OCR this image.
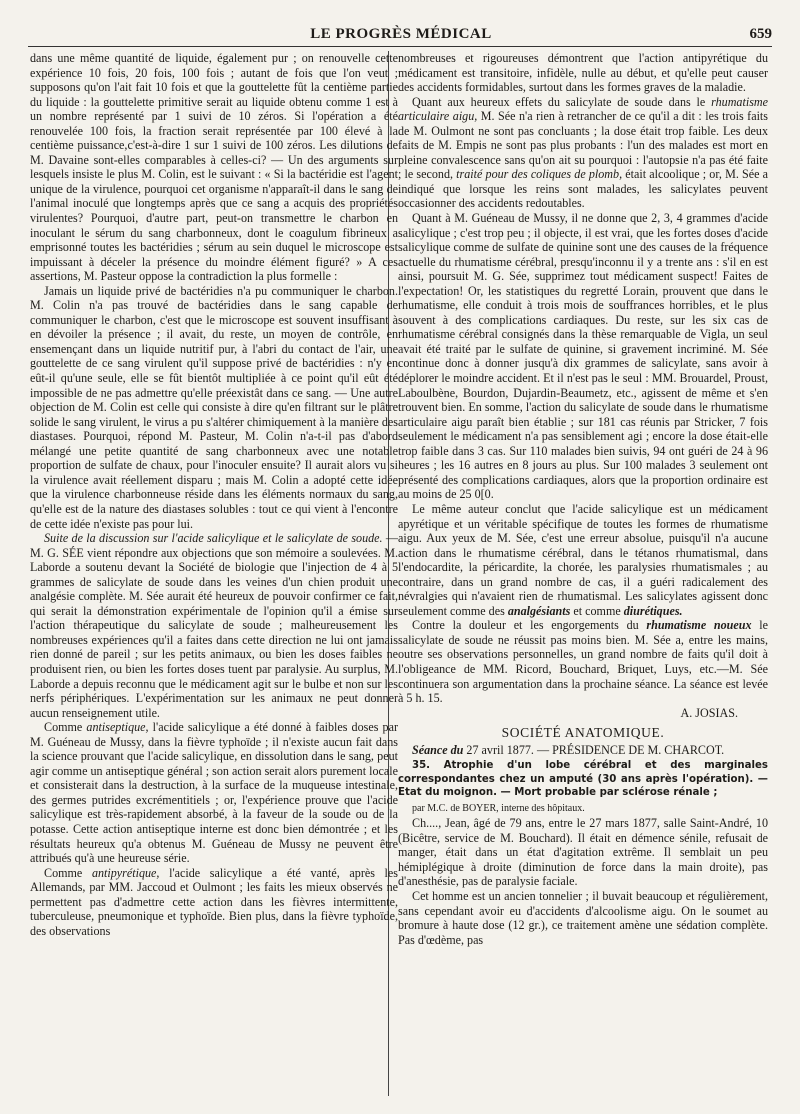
LE PROGRÈS MÉDICAL	659

dans une même quantité de liquide, également pur ; on renouvelle cette expérience 10 fois, 20 fois, 100 fois ; autant de fois que l'on veut ; supposons qu'on l'ait fait 10 fois et que la gouttelette fût la centième partie du liquide : la gouttelette primitive serait au liquide obtenu comme 1 est à un nombre représenté par 1 suivi de 10 zéros. Si l'opération a été renouvelée 100 fois, la fraction serait représentée par 100 élevé à la centième puissance,c'est-à-dire 1 sur 1 suivi de 100 zéros. Les dilutions de M. Davaine sont-elles comparables à celles-ci? — Un des arguments sur lesquels insiste le plus M. Colin, est le suivant : « Si la bactéridie est l'agent unique de la virulence, pourquoi cet organisme n'apparaît-il dans le sang de l'animal inoculé que longtemps après que ce sang a acquis des propriétés virulentes? Pourquoi, d'autre part, peut-on transmettre le charbon en inoculant le sérum du sang charbonneux, dont le coagulum fibrineux a emprisonné toutes les bactéridies ; sérum au sein duquel le microscope est impuissant à déceler la présence du moindre élément figuré? » A ces assertions, M. Pasteur oppose la contradiction la plus formelle :

Jamais un liquide privé de bactéridies n'a pu communiquer le charbon. M. Colin n'a pas trouvé de bactéridies dans le sang capable de communiquer le charbon, c'est que le microscope est souvent insuffisant à en dévoiler la présence ; il avait, du reste, un moyen de contrôle, en ensemençant dans un liquide nutritif pur, à l'abri du contact de l'air, une gouttelette de ce sang virulent qu'il suppose privé de bactéridies : n'y en eût-il qu'une seule, elle se fût bientôt multipliée à ce point qu'il eût été impossible de ne pas admettre qu'elle préexistât dans ce sang. — Une autre objection de M. Colin est celle qui consiste à dire qu'en filtrant sur le plâtre solide le sang virulent, le virus a pu s'altérer chimiquement à la manière des diastases. Pourquoi, répond M. Pasteur, M. Colin n'a-t-il pas d'abord mélangé une petite quantité de sang charbonneux avec une notable proportion de sulfate de chaux, pour l'inoculer ensuite? Il aurait alors vu si la virulence avait réellement disparu ; mais M. Colin a adopté cette idée que la virulence charbonneuse réside dans les éléments normaux du sang, qu'elle est de la nature des diastases solubles : tout ce qui vient à l'encontre de cette idée n'existe pas pour lui.

Suite de la discussion sur l'acide salicylique et le salicylate de soude. — M. G. SÉE vient répondre aux objections que son mémoire a soulevées. M. Laborde a soutenu devant la Société de biologie que l'injection de 4 à 5 grammes de salicylate de soude dans les veines d'un chien produit une analgésie complète. M. Sée aurait été heureux de pouvoir confirmer ce fait, qui serait la démonstration expérimentale de l'opinion qu'il a émise sur l'action thérapeutique du salicylate de soude ; malheureusement les nombreuses expériences qu'il a faites dans cette direction ne lui ont jamais rien donné de pareil ; sur les petits animaux, ou bien les doses faibles ne produisent rien, ou bien les fortes doses tuent par paralysie. Au surplus, M. Laborde a depuis reconnu que le médicament agit sur le bulbe et non sur les nerfs périphériques. L'expérimentation sur les animaux ne peut donner aucun renseignement utile.

Comme antiseptique, l'acide salicylique a été donné à faibles doses par M. Guéneau de Mussy, dans la fièvre typhoïde ; il n'existe aucun fait dans la science prouvant que l'acide salicylique, en dissolution dans le sang, peut agir comme un antiseptique général ; son action serait alors purement locale et consisterait dans la destruction, à la surface de la muqueuse intestinale, des germes putrides excrémentitiels ; or, l'expérience prouve que l'acide salicylique est très-rapidement absorbé, à la faveur de la soude ou de la potasse. Cette action antiseptique interne est donc bien démontrée ; et les résultats heureux qu'a obtenus M. Guéneau de Mussy ne peuvent être attribués qu'à une heureuse série.

Comme antipyrétique, l'acide salicylique a été vanté, après les Allemands, par MM. Jaccoud et Oulmont ; les faits les mieux observés ne permettent pas d'admettre cette action dans les fièvres intermittente, tuberculeuse, pneumonique et typhoïde. Bien plus, dans la fièvre typhoïde, des observations

nombreuses et rigoureuses démontrent que l'action antipyrétique du médicament est transitoire, infidèle, nulle au début, et qu'elle peut causer des accidents formidables, surtout dans les formes graves de la maladie.

Quant aux heureux effets du salicylate de soude dans le rhumatisme articulaire aigu, M. Sée n'a rien à retrancher de ce qu'il a dit : les trois faits de M. Oulmont ne sont pas concluants ; la dose était trop faible. Les deux faits de M. Empis ne sont pas plus probants : l'un des malades est mort en pleine convalescence sans qu'on ait su pourquoi : l'autopsie n'a pas été faite ; le second, traité pour des coliques de plomb, était alcoolique ; or, M. Sée a indiqué que lorsque les reins sont malades, les salicylates peuvent occasionner des accidents redoutables.

Quant à M. Guéneau de Mussy, il ne donne que 2, 3, 4 grammes d'acide salicylique ; c'est trop peu ; il objecte, il est vrai, que les fortes doses d'acide salicylique comme de sulfate de quinine sont une des causes de la fréquence actuelle du rhumatisme cérébral, presqu'inconnu il y a trente ans : s'il en est ainsi, poursuit M. G. Sée, supprimez tout médicament suspect! Faites de l'expectation! Or, les statistiques du regretté Lorain, prouvent que dans le rhumatisme, elle conduit à trois mois de souffrances horribles, et le plus souvent à des complications cardiaques. Du reste, sur les six cas de rhumatisme cérébral consignés dans la thèse remarquable de Vigla, un seul avait été traité par le sulfate de quinine, si gravement incriminé. M. Sée continue donc à donner jusqu'à dix grammes de salicylate, sans avoir à déplorer le moindre accident. Et il n'est pas le seul : MM. Brouardel, Proust, Laboulbène, Bourdon, Dujardin-Beaumetz, etc., agissent de même et s'en trouvent bien. En somme, l'action du salicylate de soude dans le rhumatisme articulaire aigu paraît bien établie ; sur 181 cas réunis par Stricker, 7 fois seulement le médicament n'a pas sensiblement agi ; encore la dose était-elle trop faible dans 3 cas. Sur 110 malades bien suivis, 94 ont guéri de 24 à 96 heures ; les 16 autres en 8 jours au plus. Sur 100 malades 3 seulement ont présenté des complications cardiaques, alors que la proportion ordinaire est au moins de 25 0[0.

Le même auteur conclut que l'acide salicylique est un médicament apyrétique et un véritable spécifique de toutes les formes de rhumatisme aigu. Aux yeux de M. Sée, c'est une erreur absolue, puisqu'il n'a aucune action dans le rhumatisme cérébral, dans le tétanos rhumatismal, dans l'endocardite, la péricardite, la chorée, les paralysies rhumatismales ; au contraire, dans un grand nombre de cas, il a guéri radicalement des névralgies qui n'avaient rien de rhumatismal. Les salicylates agissent donc seulement comme des analgésiants et comme diurétiques.

Contre la douleur et les engorgements du rhumatisme noueux le salicylate de soude ne réussit pas moins bien. M. Sée a, entre les mains, outre ses observations personnelles, un grand nombre de faits qu'il doit à l'obligeance de MM. Ricord, Bouchard, Briquet, Luys, etc.—M. Sée continuera son argumentation dans la prochaine séance. La séance est levée à 5 h. 15.

A. JOSIAS.

SOCIÉTÉ ANATOMIQUE.

Séance du 27 avril 1877. — PRÉSIDENCE DE M. CHARCOT.

35. Atrophie d'un lobe cérébral et des marginales correspondantes chez un amputé (30 ans après l'opération). — Etat du moignon. — Mort probable par sclérose rénale ;

par M.C. de BOYER, interne des hôpitaux.

Ch...., Jean, âgé de 79 ans, entre le 27 mars 1877, salle Saint-André, 10 (Bicêtre, service de M. Bouchard). Il était en démence sénile, refusait de manger, était dans un état d'agitation extrême. Il semblait un peu hémiplégique à droite (diminution de force dans la main droite), pas d'anesthésie, pas de paralysie faciale.

Cet homme est un ancien tonnelier ; il buvait beaucoup et régulièrement, sans cependant avoir eu d'accidents d'alcoolisme aigu. On le soumet au bromure à haute dose (12 gr.), ce traitement amène une sédation complète. Pas d'œdème, pas
